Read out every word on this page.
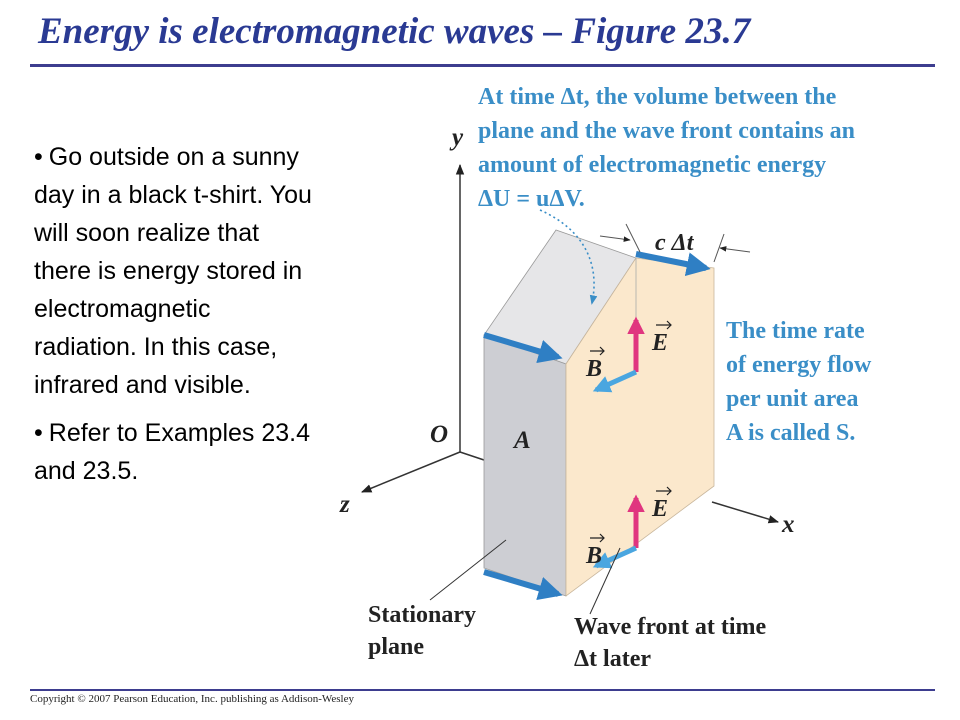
Energy is electromagnetic waves – Figure 23.7
• Go outside on a sunny day in a black t-shirt. You will soon realize that there is energy stored in electromagnetic radiation. In this case, infrared and visible.
• Refer to Examples 23.4 and 23.5.
c Δt
E
B
E
B
y
x
z
O	A
At time Δt, the volume between the
plane and the wave front contains an
amount of electromagnetic energy
ΔU = uΔV.
The time rate
of energy flow
per unit area
A is called S.
Stationary
plane
Wave front at time
Δt later
Copyright © 2007 Pearson Education, Inc. publishing as Addison-Wesley
